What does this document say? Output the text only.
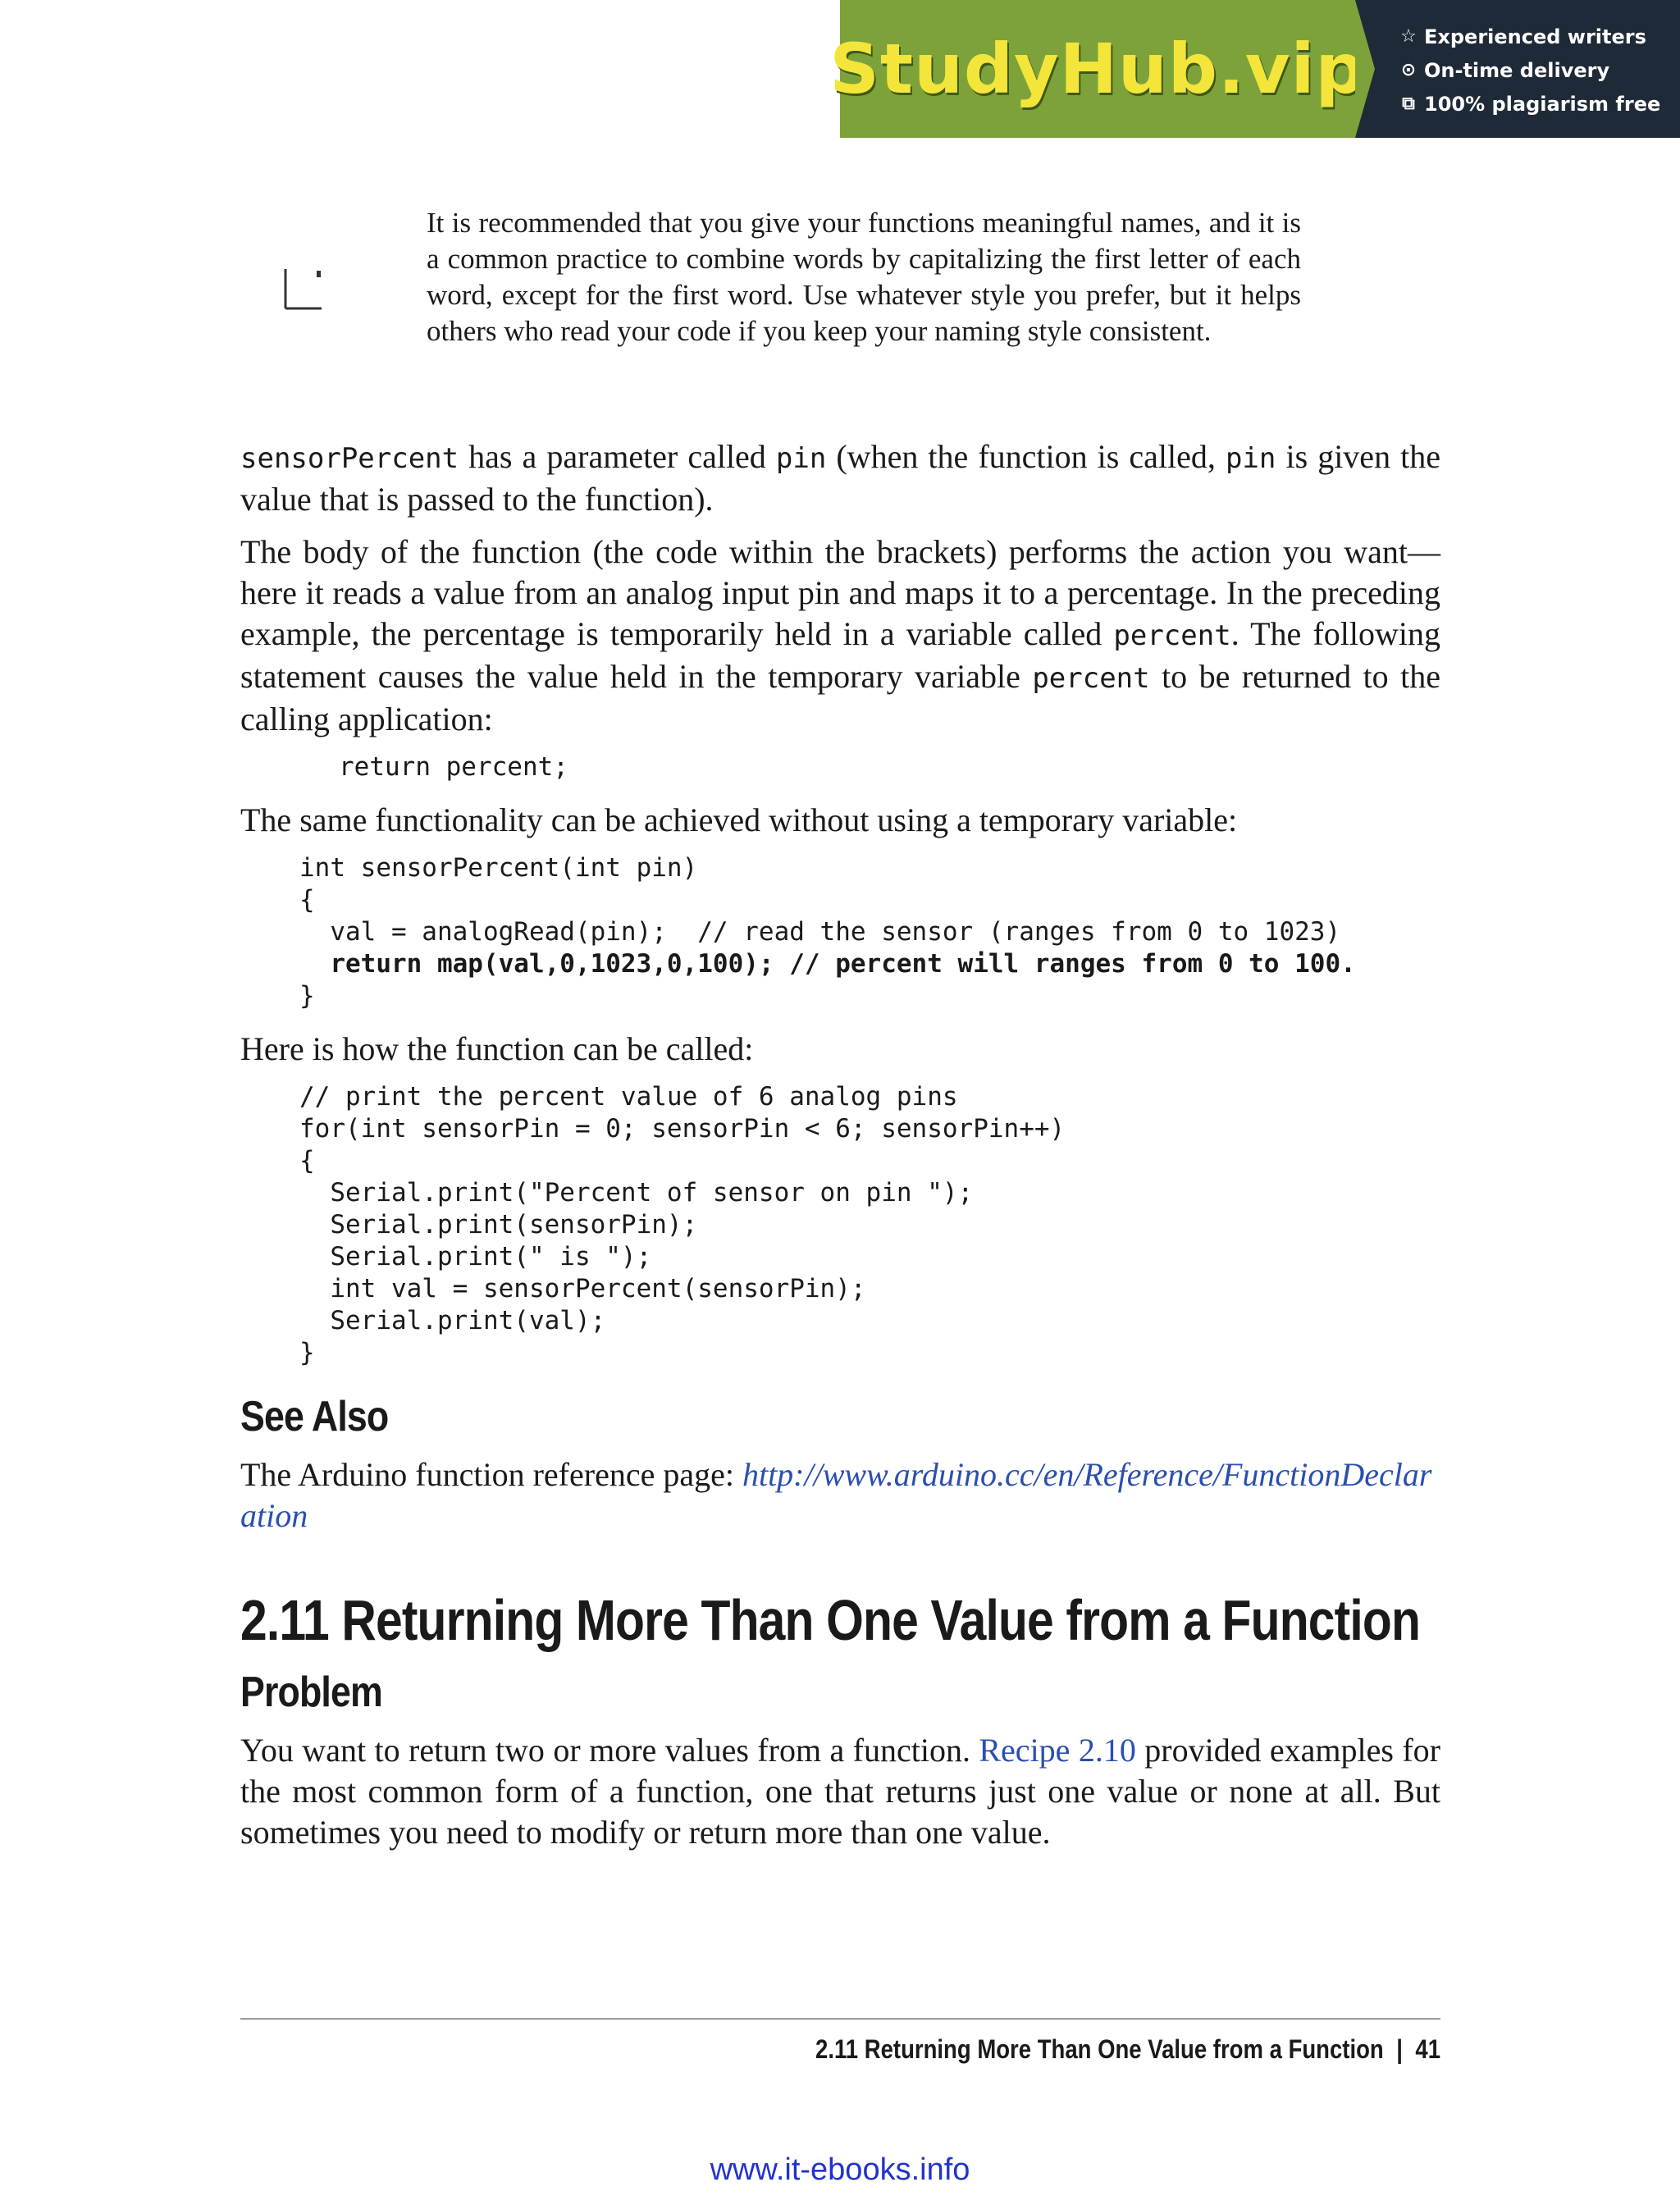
StudyHub.vip ☆ Experienced writers
⊙ On-time delivery
⧉ 100% plagiarism free
It is recommended that you give your functions meaningful names, and it is a common practice to combine words by capitalizing the first letter of each word, except for the first word. Use whatever style you prefer, but it helps others who read your code if you keep your naming style consistent.

sensorPercent has a parameter called pin (when the function is called, pin is given the value that is passed to the function).

The body of the function (the code within the brackets) performs the action you want—here it reads a value from an analog input pin and maps it to a percentage. In the preceding example, the percentage is temporarily held in a variable called percent. The following statement causes the value held in the temporary variable percent to be returned to the calling application:

return percent;

The same functionality can be achieved without using a temporary variable:

int sensorPercent(int pin)
{
val = analogRead(pin);  // read the sensor (ranges from 0 to 1023)
return map(val,0,1023,0,100); // percent will ranges from 0 to 100.
}

Here is how the function can be called:

// print the percent value of 6 analog pins
for(int sensorPin = 0; sensorPin < 6; sensorPin++)
{
Serial.print("Percent of sensor on pin ");
Serial.print(sensorPin);
Serial.print(" is ");
int val = sensorPercent(sensorPin);
Serial.print(val);
}
See Also

The Arduino function reference page: http://www.arduino.cc/en/Reference/FunctionDeclaration

2.11 Returning More Than One Value from a Function
Problem

You want to return two or more values from a function. Recipe 2.10 provided examples for the most common form of a function, one that returns just one value or none at all. But sometimes you need to modify or return more than one value.

2.11 Returning More Than One Value from a Function | 41
www.it-ebooks.info
